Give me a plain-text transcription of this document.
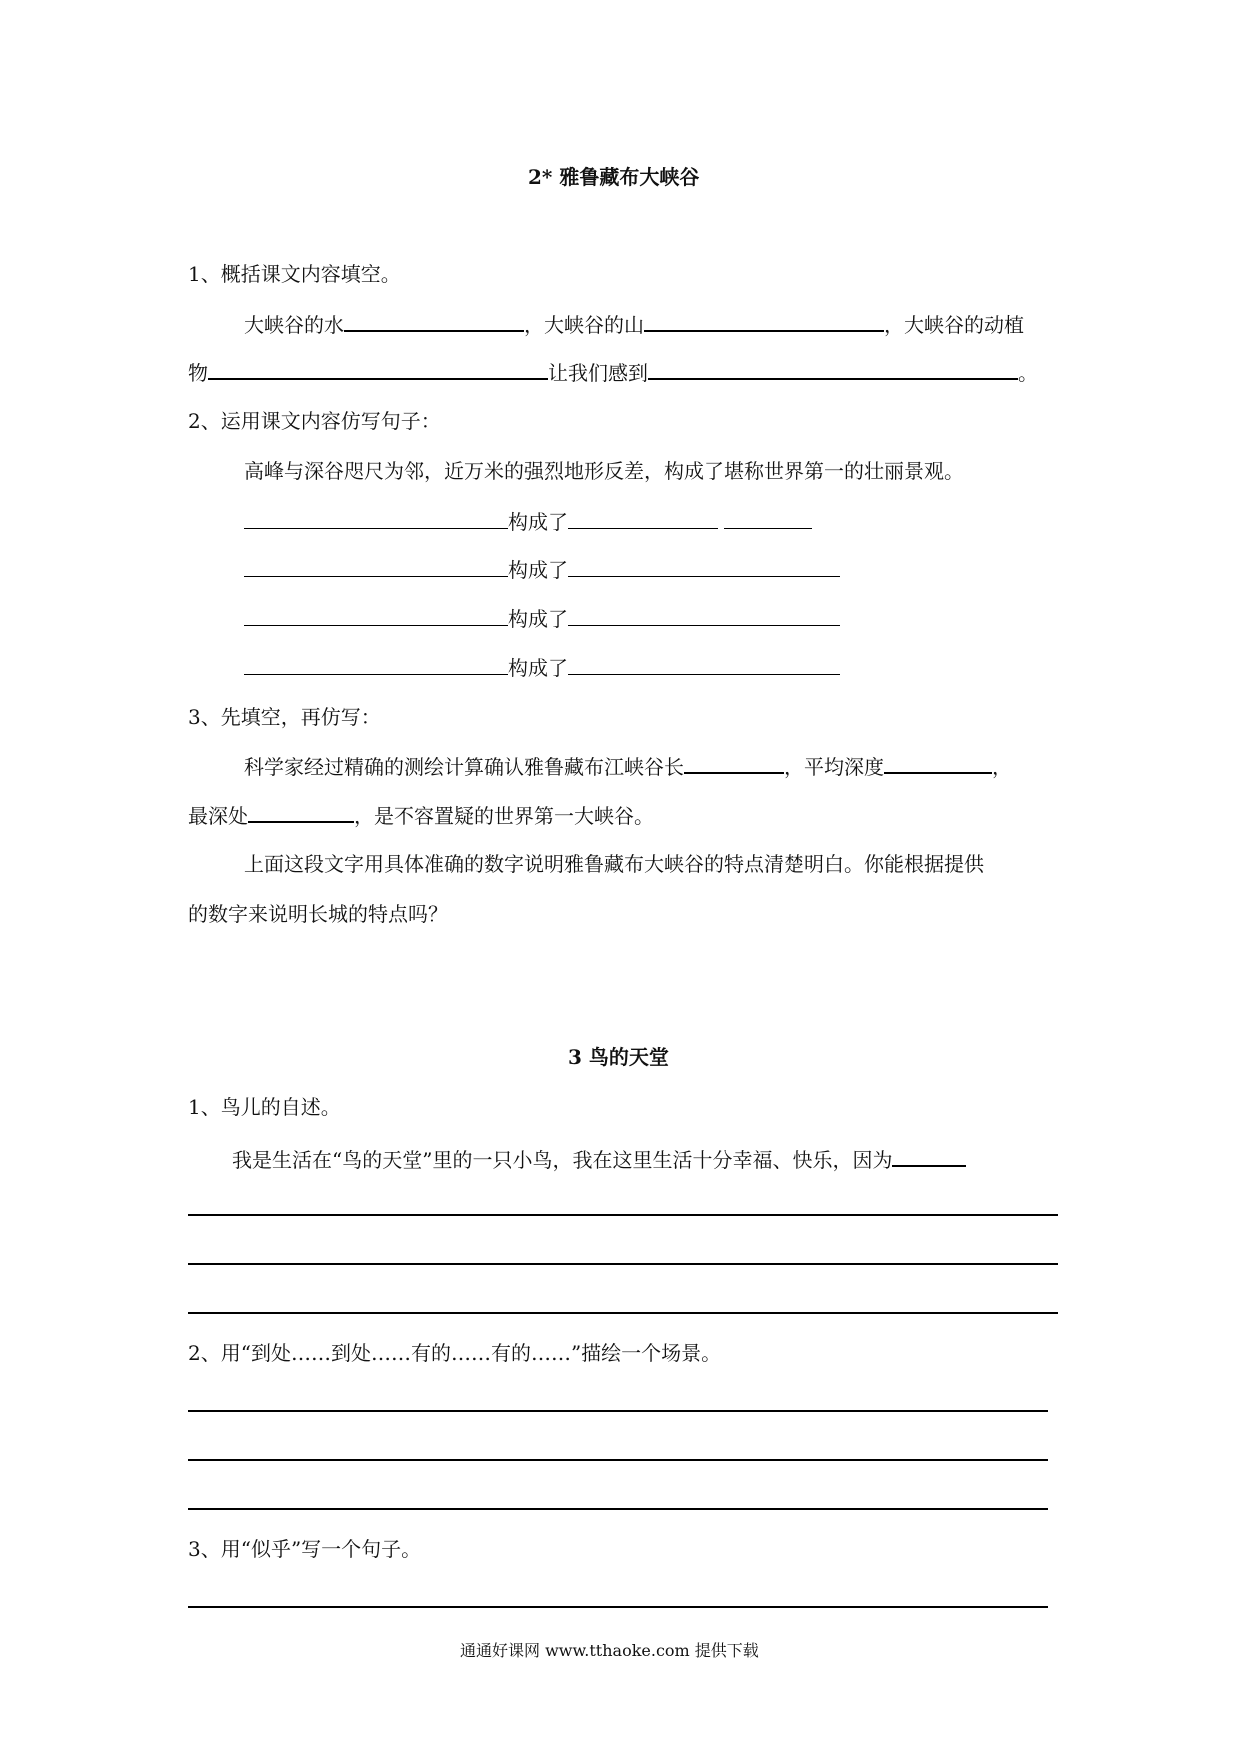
2* 雅鲁藏布大峡谷
1、概括课文内容填空。
大峡谷的水	，大峡谷的山	，大峡谷的动植
物	让我们感到	。
2、运用课文内容仿写句子：
高峰与深谷咫尺为邻，近万米的强烈地形反差，构成了堪称世界第一的壮丽景观。
构成了
构成了
构成了
构成了
3、先填空，再仿写：
科学家经过精确的测绘计算确认雅鲁藏布江峡谷长	，平均深度	，
最深处	，是不容置疑的世界第一大峡谷。
上面这段文字用具体准确的数字说明雅鲁藏布大峡谷的特点清楚明白。你能根据提供
的数字来说明长城的特点吗？
3 鸟的天堂
1、鸟儿的自述。
我是生活在“鸟的天堂”里的一只小鸟，我在这里生活十分幸福、快乐，因为
2、用“到处……到处……有的……有的……”描绘一个场景。
3、用“似乎”写一个句子。
通通好课网 www.tthaoke.com 提供下载
